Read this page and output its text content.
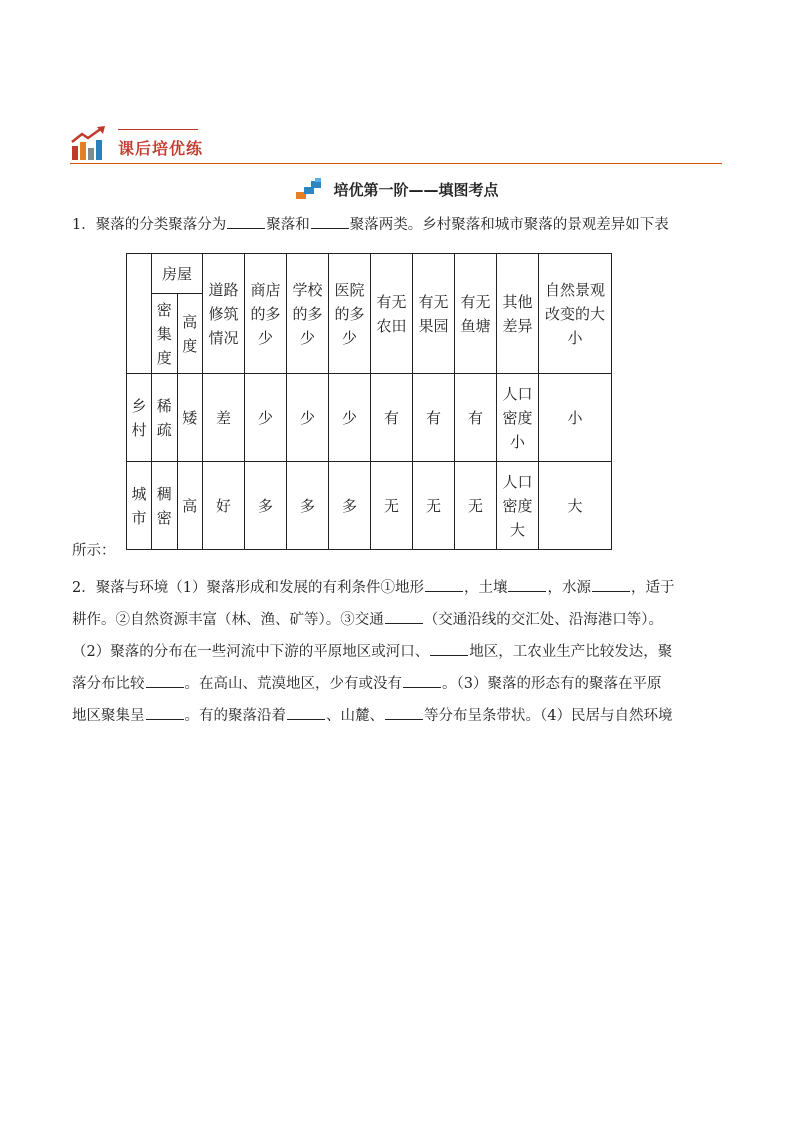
课后培优练
培优第一阶——填图考点
1．聚落的分类聚落分为	聚落和	聚落两类。乡村聚落和城市聚落的景观差异如下表
	房屋		道路修筑情况	商店的多少	学校的多少	医院的多少	有无农田	有无果园	有无鱼塘	其他差异	自然景观改变的大小
	密集度	高度									
乡村	稀疏	矮	差	少	少	少	有	有	有	人口密度小	小
城市	稠密	高	好	多	多	多	无	无	无	人口密度大	大
所示：
2．聚落与环境（1）聚落形成和发展的有利条件①地形	，土壤	，水源	，适于
耕作。②自然资源丰富（林、渔、矿等）。③交通	（交通沿线的交汇处、沿海港口等）。
（2）聚落的分布在一些河流中下游的平原地区或河口、	地区，工农业生产比较发达，聚
落分布比较	。在高山、荒漠地区，少有或没有	。（3）聚落的形态有的聚落在平原
地区聚集呈	。有的聚落沿着	、山麓、	等分布呈条带状。（4）民居与自然环境
